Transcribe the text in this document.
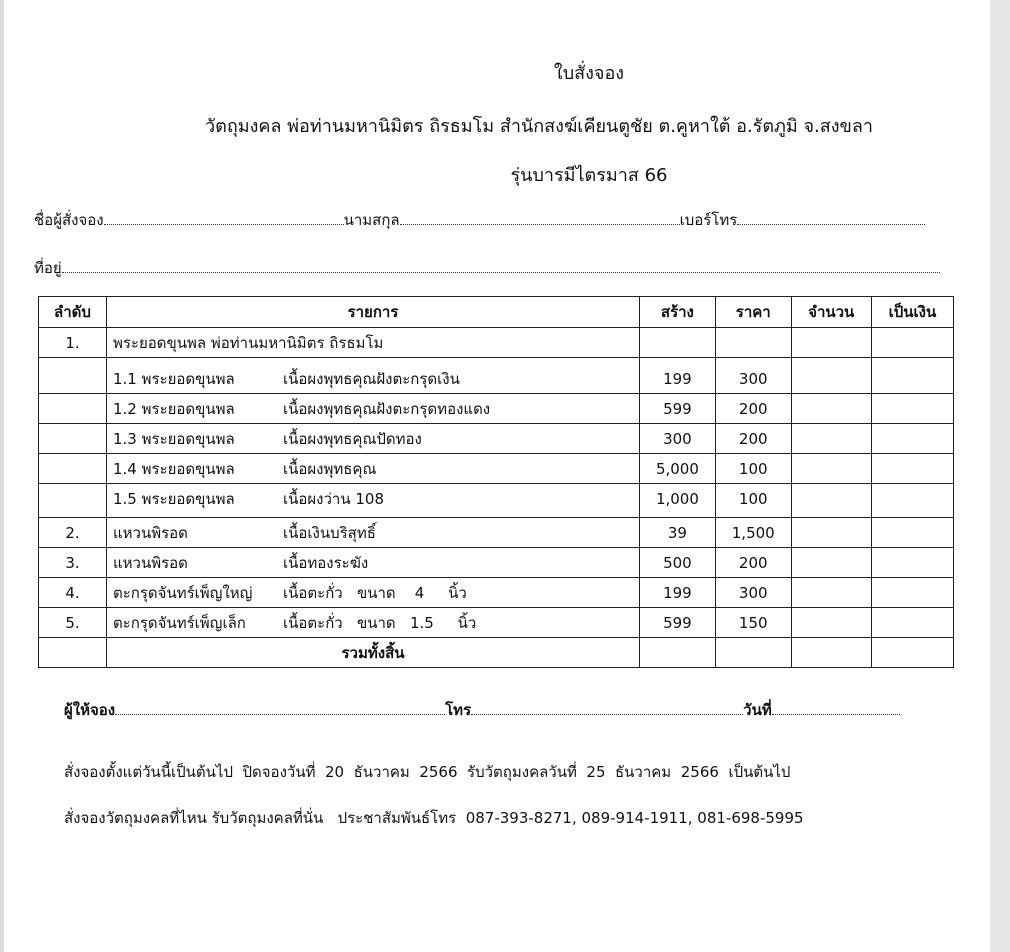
ใบสั่งจอง
วัตถุมงคล พ่อท่านมหานิมิตร ถิรธมโม สำนักสงฆ์เคียนตูชัย ต.คูหาใต้ อ.รัตภูมิ จ.สงขลา
รุ่นบารมีไตรมาส 66
ชื่อผู้สั่งจอง	นามสกุล	เบอร์โทร
ที่อยู่
ลำดับ	รายการ	สร้าง	ราคา	จำนวน	เป็นเงิน
1.	พระยอดขุนพล พ่อท่านมหานิมิตร ถิรธมโม				
	1.1 พระยอดขุนพล เนื้อผงพุทธคุณฝังตะกรุดเงิน	199	300		
	1.2 พระยอดขุนพล เนื้อผงพุทธคุณฝังตะกรุดทองแดง	599	200		
	1.3 พระยอดขุนพล เนื้อผงพุทธคุณปัดทอง	300	200		
	1.4 พระยอดขุนพล เนื้อผงพุทธคุณ	5,000	100		
	1.5 พระยอดขุนพล เนื้อผงว่าน 108	1,000	100		
2.	แหวนพิรอด เนื้อเงินบริสุทธิ์	39	1,500		
3.	แหวนพิรอด เนื้อทองระฆัง	500	200		
4.	ตะกรุดจันทร์เพ็ญใหญ่ เนื้อตะกั่ว   ขนาด    4     นิ้ว	199	300		
5.	ตะกรุดจันทร์เพ็ญเล็ก เนื้อตะกั่ว   ขนาด   1.5     นิ้ว	599	150		
	รวมทั้งสิ้น				
ผู้ให้จอง	โทร	วันที่
สั่งจองตั้งแต่วันนี้เป็นต้นไป  ปิดจองวันที่  20  ธันวาคม  2566  รับวัตถุมงคลวันที่  25  ธันวาคม  2566  เป็นต้นไป
สั่งจองวัตถุมงคลที่ไหน รับวัตถุมงคลที่นั่น   ประชาสัมพันธ์โทร  087-393-8271, 089-914-1911, 081-698-5995
